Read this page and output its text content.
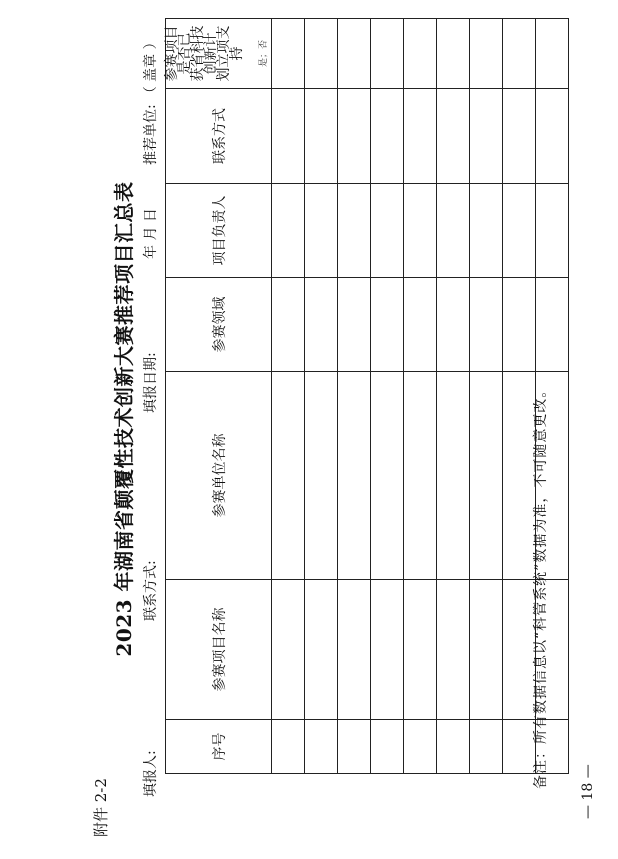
附件 2-2
2023 年湖南省颠覆性技术创新大赛推荐项目汇总表
填报人:
联系方式:
填报日期:
年 月 日
推荐单位:（ 盖章 ）
序号	参赛项目名称	参赛单位名称	参赛领域	项目负责人	联系方式	参赛项目是否已
获省科技创新计
划立项支持 是；否

备注：所有数据信息以“科管系统”数据为准，不可随意更改。
— 18 —
